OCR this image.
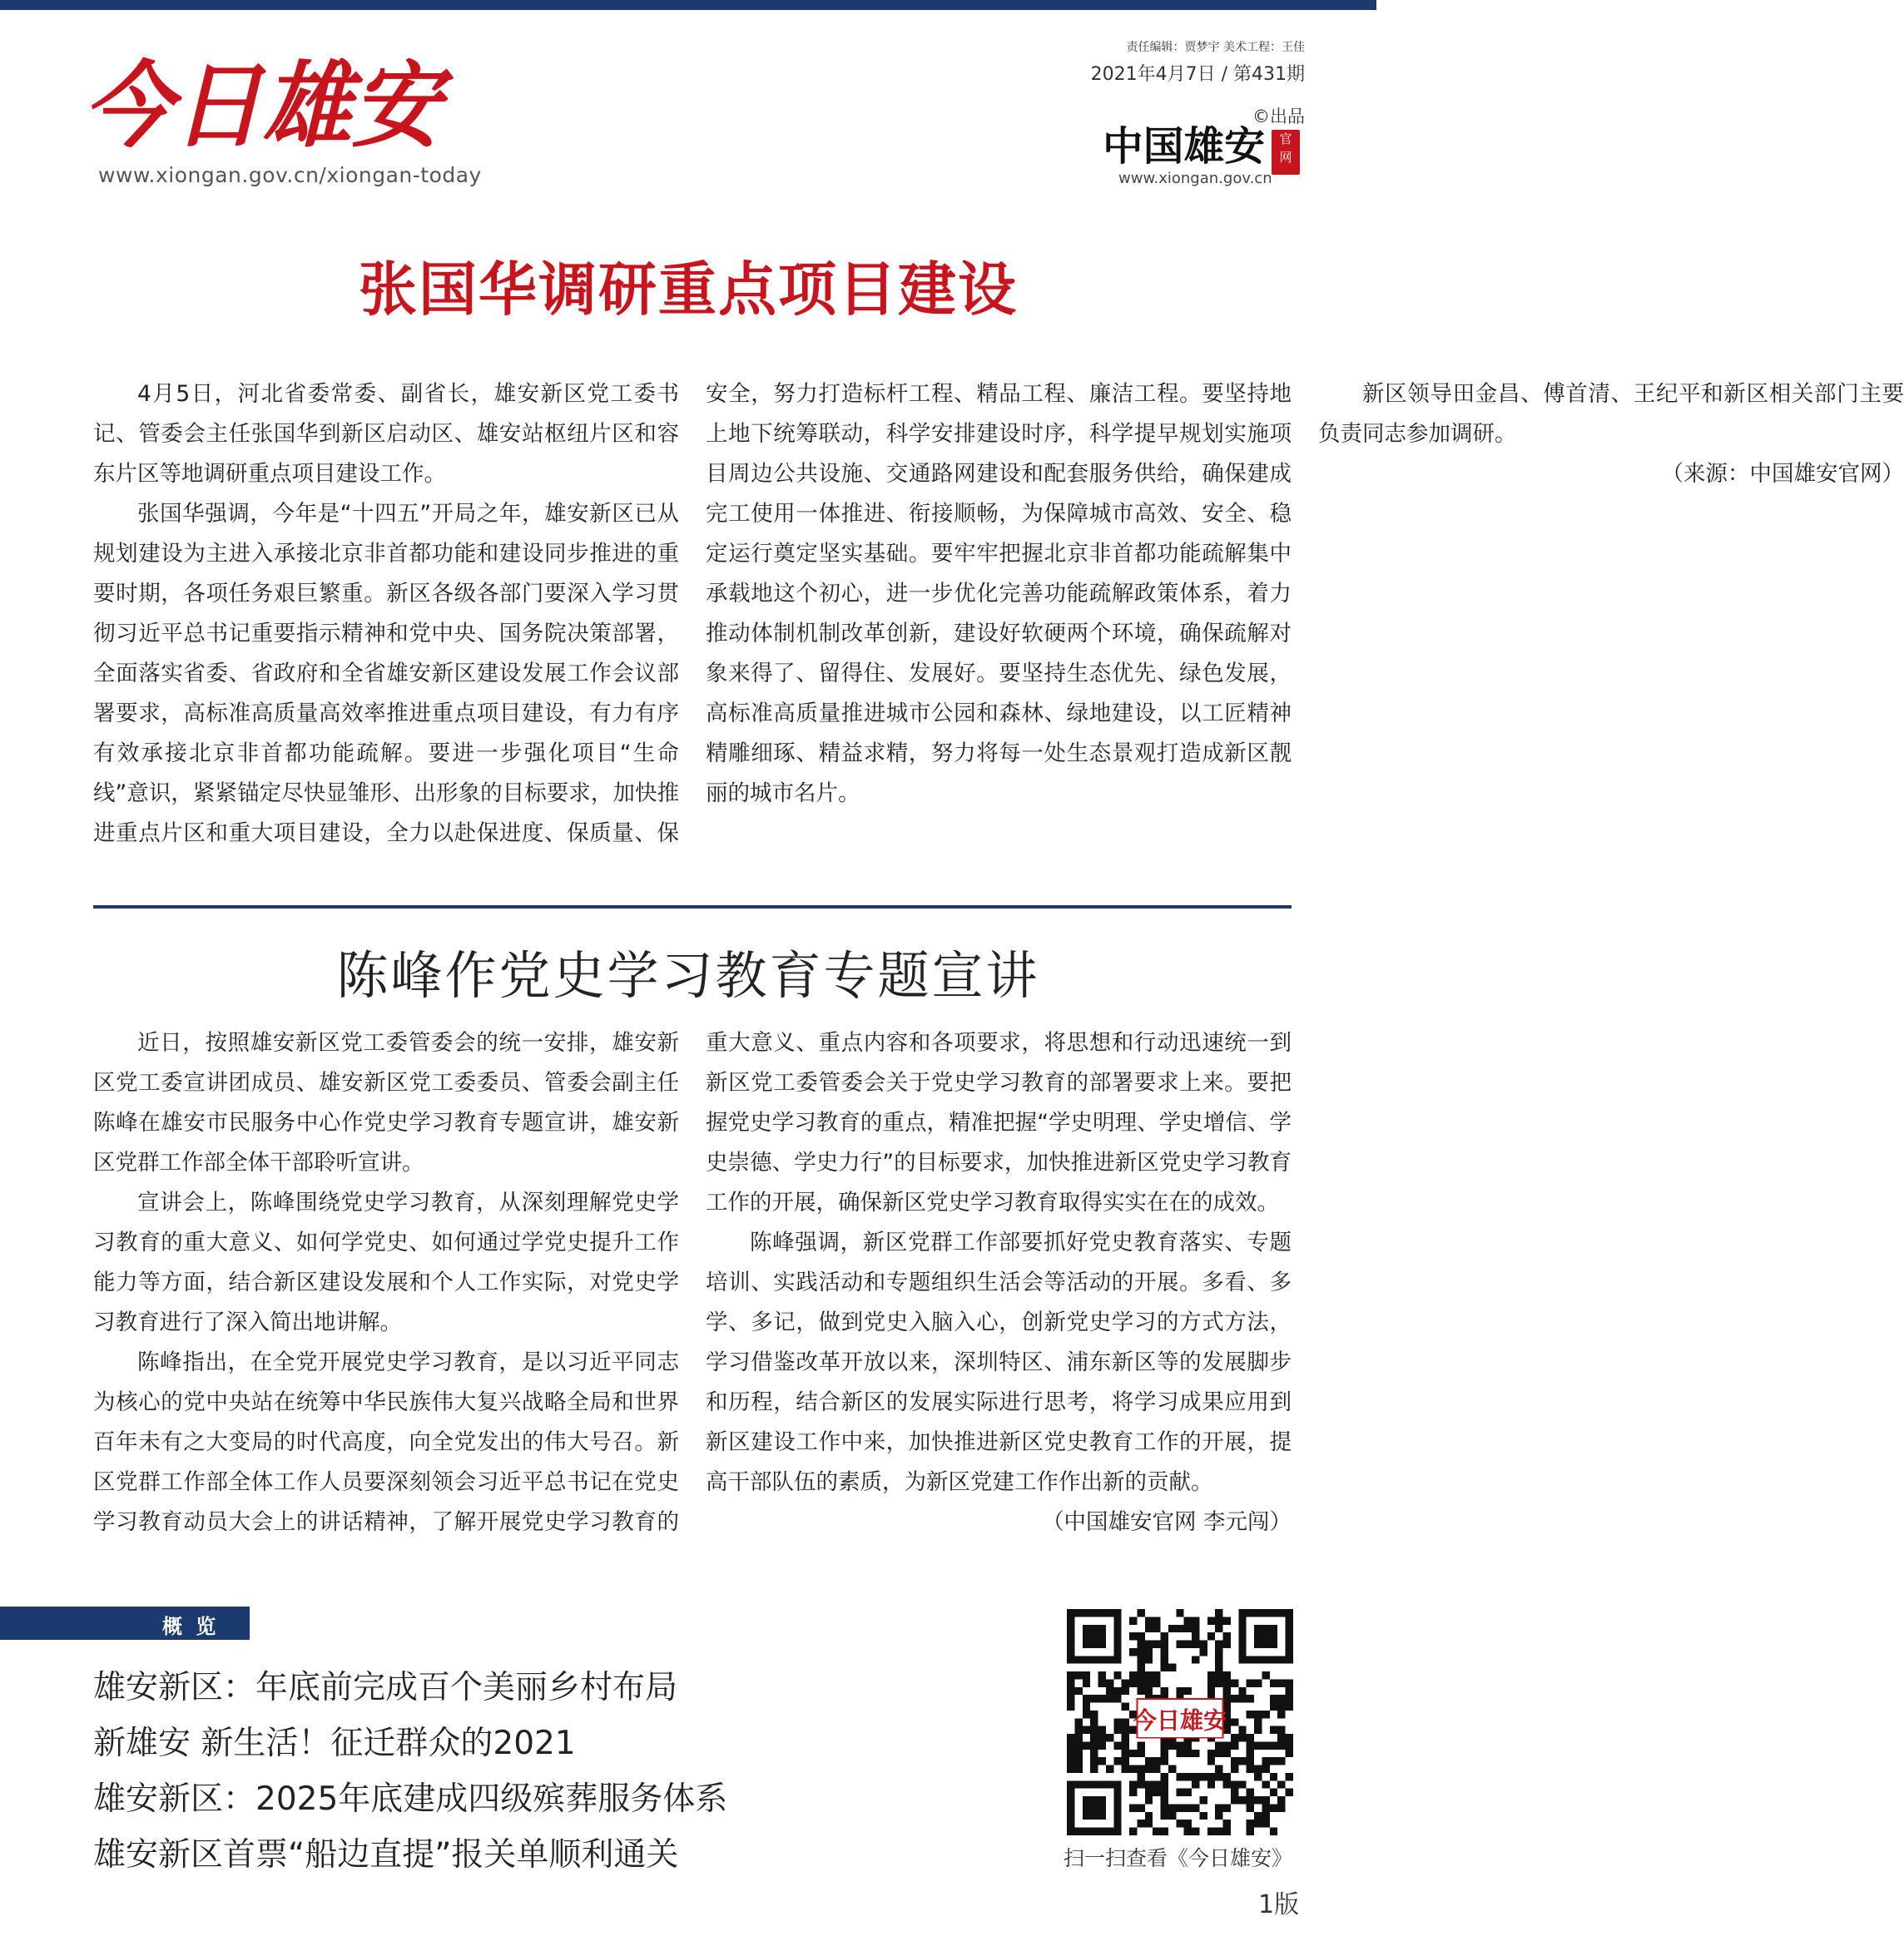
今日雄安
www.xiongan.gov.cn/xiongan-today
责任编辑：贾梦宇 美术工程：王佳
2021年4月7日 / 第431期
©出品
中国雄安	官
网
www.xiongan.gov.cn
张国华调研重点项目建设

4月5日，河北省委常委、副省长，雄安新区党工委书记、管委会主任张国华到新区启动区、雄安站枢纽片区和容东片区等地调研重点项目建设工作。

张国华强调，今年是“十四五”开局之年，雄安新区已从规划建设为主进入承接北京非首都功能和建设同步推进的重要时期，各项任务艰巨繁重。新区各级各部门要深入学习贯彻习近平总书记重要指示精神和党中央、国务院决策部署，全面落实省委、省政府和全省雄安新区建设发展工作会议部署要求，高标准高质量高效率推进重点项目建设，有力有序有效承接北京非首都功能疏解。要进一步强化项目“生命线”意识，紧紧锚定尽快显雏形、出形象的目标要求，加快推进重点片区和重大项目建设，全力以赴保进度、保质量、保安全，努力打造标杆工程、精品工程、廉洁工程。要坚持地上地下统筹联动，科学安排建设时序，科学提早规划实施项目周边公共设施、交通路网建设和配套服务供给，确保建成完工使用一体推进、衔接顺畅，为保障城市高效、安全、稳定运行奠定坚实基础。要牢牢把握北京非首都功能疏解集中承载地这个初心，进一步优化完善功能疏解政策体系，着力推动体制机制改革创新，建设好软硬两个环境，确保疏解对象来得了、留得住、发展好。要坚持生态优先、绿色发展，高标准高质量推进城市公园和森林、绿地建设，以工匠精神精雕细琢、精益求精，努力将每一处生态景观打造成新区靓丽的城市名片。

新区领导田金昌、傅首清、王纪平和新区相关部门主要负责同志参加调研。

（来源：中国雄安官网）

陈峰作党史学习教育专题宣讲

近日，按照雄安新区党工委管委会的统一安排，雄安新区党工委宣讲团成员、雄安新区党工委委员、管委会副主任陈峰在雄安市民服务中心作党史学习教育专题宣讲，雄安新区党群工作部全体干部聆听宣讲。

宣讲会上，陈峰围绕党史学习教育，从深刻理解党史学习教育的重大意义、如何学党史、如何通过学党史提升工作能力等方面，结合新区建设发展和个人工作实际，对党史学习教育进行了深入简出地讲解。

陈峰指出，在全党开展党史学习教育，是以习近平同志为核心的党中央站在统筹中华民族伟大复兴战略全局和世界百年未有之大变局的时代高度，向全党发出的伟大号召。新区党群工作部全体工作人员要深刻领会习近平总书记在党史学习教育动员大会上的讲话精神，了解开展党史学习教育的重大意义、重点内容和各项要求，将思想和行动迅速统一到新区党工委管委会关于党史学习教育的部署要求上来。要把握党史学习教育的重点，精准把握“学史明理、学史增信、学史崇德、学史力行”的目标要求，加快推进新区党史学习教育工作的开展，确保新区党史学习教育取得实实在在的成效。

陈峰强调，新区党群工作部要抓好党史教育落实、专题培训、实践活动和专题组织生活会等活动的开展。多看、多学、多记，做到党史入脑入心，创新党史学习的方式方法，学习借鉴改革开放以来，深圳特区、浦东新区等的发展脚步和历程，结合新区的发展实际进行思考，将学习成果应用到新区建设工作中来，加快推进新区党史教育工作的开展，提高干部队伍的素质，为新区党建工作作出新的贡献。

（中国雄安官网 李元闯）

概 览
雄安新区：年底前完成百个美丽乡村布局
新雄安 新生活！征迁群众的2021
雄安新区：2025年底建成四级殡葬服务体系
雄安新区首票“船边直提”报关单顺利通关
今日雄安
扫一扫查看《今日雄安》
1版
